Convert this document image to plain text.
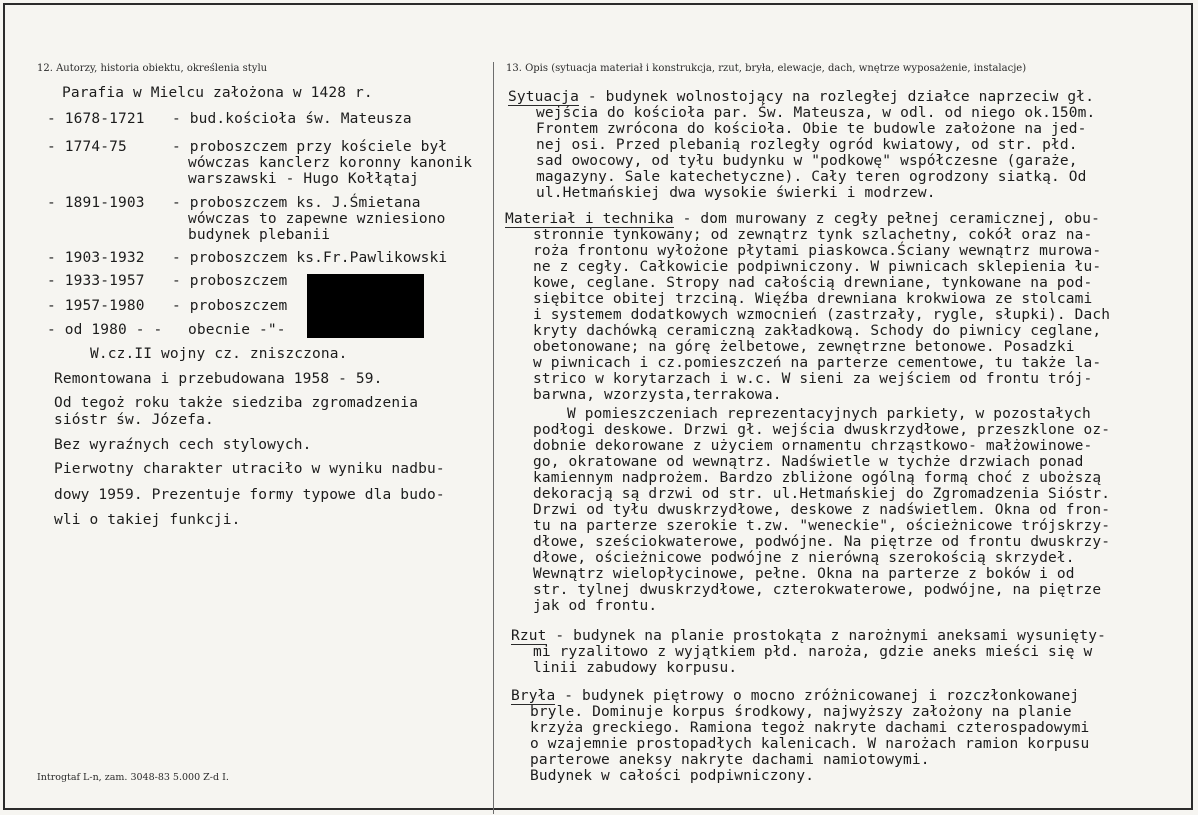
12. Autorzy, historia obiektu, określenia stylu	13. Opis (sytuacja materiał i konstrukcja, rzut, bryła, elewacje, dach, wnętrze wyposażenie, instalacje)
Parafia w Mielcu założona w 1428 r.
- 1678-1721 - bud.kościoła św. Mateusza
- 1774-75	- proboszczem przy kościele był
wówczas kanclerz koronny kanonik
warszawski - Hugo Kołłątaj
- 1891-1903 - proboszczem ks. J.Śmietana
wówczas to zapewne wzniesiono
budynek plebanii
- 1903-1932 - proboszczem ks.Fr.Pawlikowski
- 1933-1957 - proboszczem
- 1957-1980 - proboszczem
- od 1980 - - obecnie -"-
W.cz.II wojny cz. zniszczona.
Remontowana i przebudowana 1958 - 59.
Od tegoż roku także siedziba zgromadzenia
sióstr św. Józefa.
Bez wyraźnych cech stylowych.
Pierwotny charakter utraciło w wyniku nadbu-
dowy 1959. Prezentuje formy typowe dla budo-
wli o takiej funkcji.
Sytuacja - budynek wolnostojący na rozległej działce naprzeciw gł.
wejścia do kościoła par. Św. Mateusza, w odl. od niego ok.150m.
Frontem zwrócona do kościoła. Obie te budowle założone na jed-
nej osi. Przed plebanią rozległy ogród kwiatowy, od str. płd.
sad owocowy, od tyłu budynku w "podkowę" współczesne (garaże,
magazyny. Sale katechetyczne). Cały teren ogrodzony siatką. Od
ul.Hetmańskiej dwa wysokie świerki i modrzew.
Materiał i technika - dom murowany z cegły pełnej ceramicznej, obu-
stronnie tynkowany; od zewnątrz tynk szlachetny, cokół oraz na-
roża frontonu wyłożone płytami piaskowca.Ściany wewnątrz murowa-
ne z cegły. Całkowicie podpiwniczony. W piwnicach sklepienia łu-
kowe, ceglane. Stropy nad całością drewniane, tynkowane na pod-
siębitce obitej trzciną. Więźba drewniana krokwiowa ze stolcami
i systemem dodatkowych wzmocnień (zastrzały, rygle, słupki). Dach
kryty dachówką ceramiczną zakładkową. Schody do piwnicy ceglane,
obetonowane; na górę żelbetowe, zewnętrzne betonowe. Posadzki
w piwnicach i cz.pomieszczeń na parterze cementowe, tu także la-
strico w korytarzach i w.c. W sieni za wejściem od frontu trój-
barwna, wzorzysta,terrakowa.
W pomieszczeniach reprezentacyjnych parkiety, w pozostałych
podłogi deskowe. Drzwi gł. wejścia dwuskrzydłowe, przeszklone oz-
dobnie dekorowane z użyciem ornamentu chrząstkowo- małżowinowe-
go, okratowane od wewnątrz. Nadświetle w tychże drzwiach ponad
kamiennym nadprożem. Bardzo zbliżone ogólną formą choć z uboższą
dekoracją są drzwi od str. ul.Hetmańskiej do Zgromadzenia Sióstr.
Drzwi od tyłu dwuskrzydłowe, deskowe z nadświetlem. Okna od fron-
tu na parterze szerokie t.zw. "weneckie", ościeżnicowe trójskrzy-
dłowe, sześciokwaterowe, podwójne. Na piętrze od frontu dwuskrzy-
dłowe, ościeżnicowe podwójne z nierówną szerokością skrzydeł.
Wewnątrz wielopłycinowe, pełne. Okna na parterze z boków i od
str. tylnej dwuskrzydłowe, czterokwaterowe, podwójne, na piętrze
jak od frontu.
Rzut - budynek na planie prostokąta z narożnymi aneksami wysunięty-
mi ryzalitowo z wyjątkiem płd. naroża, gdzie aneks mieści się w
linii zabudowy korpusu.
Bryła - budynek piętrowy o mocno zróżnicowanej i rozczłonkowanej
bryle. Dominuje korpus środkowy, najwyższy założony na planie
krzyża greckiego. Ramiona tegoż nakryte dachami czterospadowymi
o wzajemnie prostopadłych kalenicach. W narożach ramion korpusu
parterowe aneksy nakryte dachami namiotowymi.
Budynek w całości podpiwniczony.
Introgtaf L-n, zam. 3048-83 5.000 Z-d I.
